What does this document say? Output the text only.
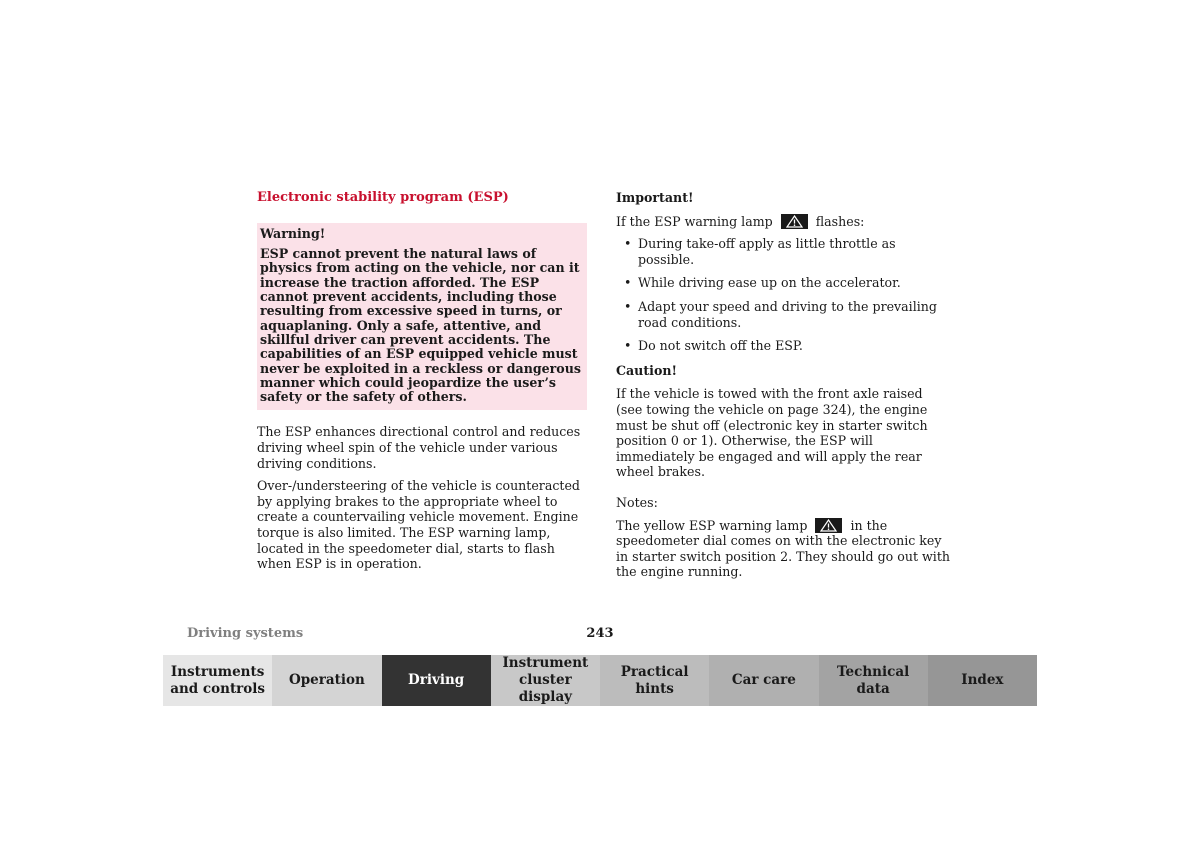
Electronic stability program (ESP)
Warning!
ESP cannot prevent the natural laws of physics from acting on the vehicle, nor can it increase the traction afforded. The ESP cannot prevent accidents, including those resulting from excessive speed in turns, or aquaplaning. Only a safe, attentive, and skillful driver can prevent accidents. The capabilities of an ESP equipped vehicle must never be exploited in a reckless or dangerous manner which could jeopardize the user’s safety or the safety of others.

The ESP enhances directional control and reduces driving wheel spin of the vehicle under various driving conditions.

Over-/understeering of the vehicle is counteracted by applying brakes to the appropriate wheel to create a countervailing vehicle movement. Engine torque is also limited. The ESP warning lamp, located in the speedometer dial, starts to flash when ESP is in operation.

Important!

If the ESP warning lamp	flashes:

• During take-off apply as little throttle as possible.
• While driving ease up on the accelerator.
• Adapt your speed and driving to the prevailing road conditions.
• Do not switch off the ESP.
Caution!

If the vehicle is towed with the front axle raised (see towing the vehicle on page 324), the engine must be shut off (electronic key in starter switch position 0 or 1). Otherwise, the ESP will immediately be engaged and will apply the rear wheel brakes.

Notes:

The yellow ESP warning lamp	in the speedometer dial comes on with the electronic key in starter switch position 2. They should go out with the engine running.

Driving systems	243
Instruments
and controls
Operation	Driving
Instrument
cluster display
Practical hints
Car care
Technical
data
Index
